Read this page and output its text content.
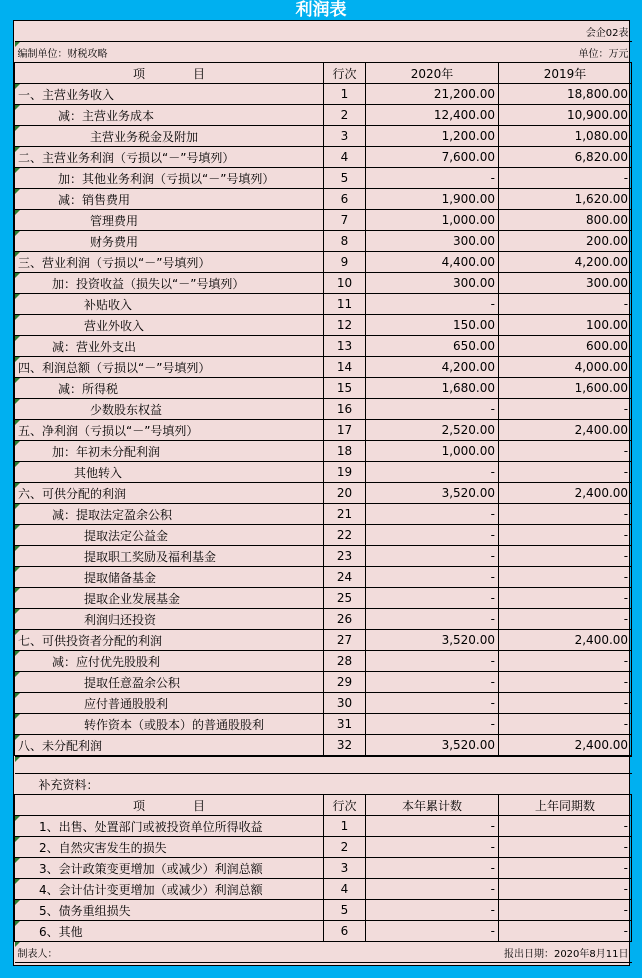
利润表
会企02表			
编制单位：财税攻略		单位：万元	
项　　　　目	行次	2020年	2019年
一、主营业务收入	1	21,200.00	18,800.00
减：主营业务成本	2	12,400.00	10,900.00
主营业务税金及附加	3	1,200.00	1,080.00
二、主营业务利润（亏损以“－”号填列）	4	7,600.00	6,820.00
加：其他业务利润（亏损以“－”号填列）	5	-	-
减：销售费用	6	1,900.00	1,620.00
管理费用	7	1,000.00	800.00
财务费用	8	300.00	200.00
三、营业利润（亏损以“－”号填列）	9	4,400.00	4,200.00
加：投资收益（损失以“－”号填列）	10	300.00	300.00
补贴收入	11	-	-
营业外收入	12	150.00	100.00
减：营业外支出	13	650.00	600.00
四、利润总额（亏损以“－”号填列）	14	4,200.00	4,000.00
减：所得税	15	1,680.00	1,600.00
少数股东权益	16	-	-
五、净利润（亏损以“－”号填列）	17	2,520.00	2,400.00
加：年初未分配利润	18	1,000.00	-
其他转入	19	-	-
六、可供分配的利润	20	3,520.00	2,400.00
减：提取法定盈余公积	21	-	-
提取法定公益金	22	-	-
提取职工奖励及福利基金	23	-	-
提取储备基金	24	-	-
提取企业发展基金	25	-	-
利润归还投资	26	-	-
七、可供投资者分配的利润	27	3,520.00	2,400.00
减：应付优先股股利	28	-	-
提取任意盈余公积	29	-	-
应付普通股股利	30	-	-
转作资本（或股本）的普通股股利	31	-	-
八、未分配利润	32	3,520.00	2,400.00

补充资料：			
项　　　　目	行次	本年累计数	上年同期数
1、出售、处置部门或被投资单位所得收益	1	-	-
2、自然灾害发生的损失	2	-	-
3、会计政策变更增加（或减少）利润总额	3	-	-
4、会计估计变更增加（或减少）利润总额	4	-	-
5、债务重组损失	5	-	-
6、其他	6	-	-
制表人：		报出日期：2020年8月11日	
